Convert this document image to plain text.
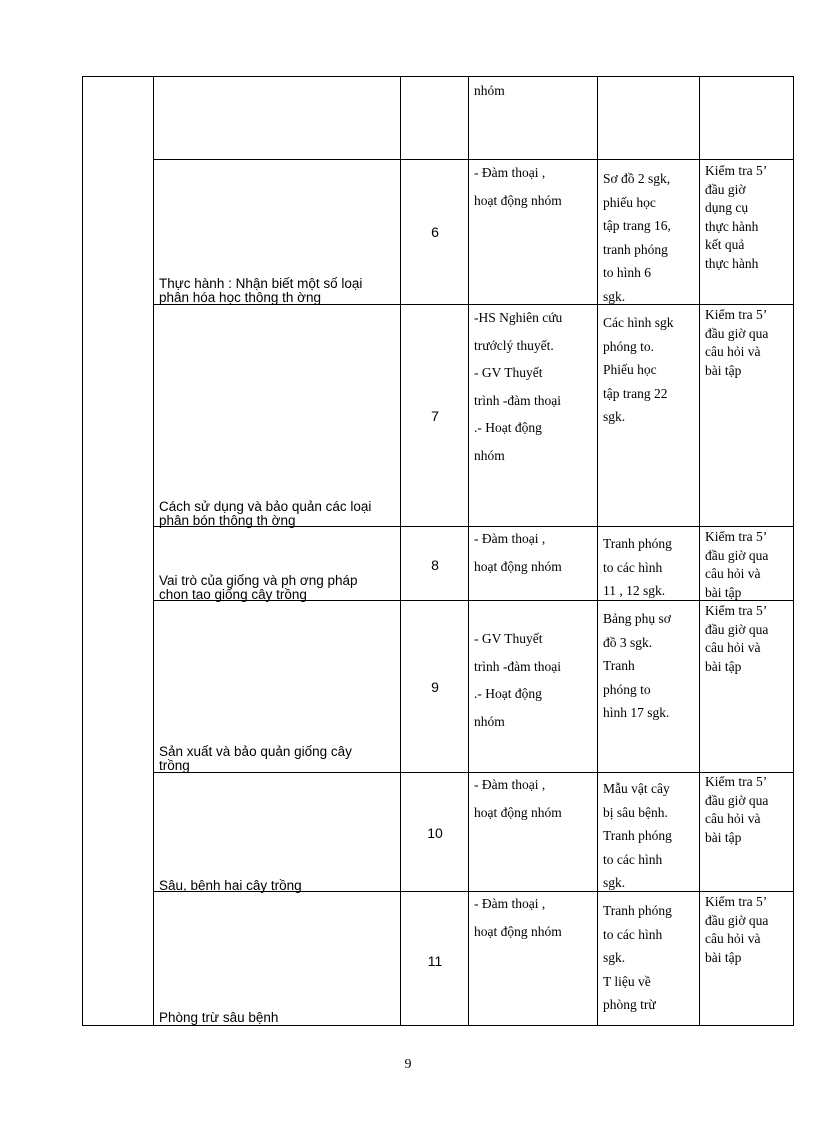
nhóm
Thực hành : Nhận biết một số loại
phân hóa học thông th ờng
6
- Đàm thoại ,
hoạt động nhóm
Sơ đồ 2 sgk,
phiếu học
tập trang 16,
tranh phóng
to hình 6
sgk.
Kiểm tra 5’
đầu giờ
dụng cụ
thực hành
kết quả
thực hành
Cách sử dụng và bảo quản các loại
phân bón thông th ờng
7
-HS Nghiên cứu
trướclý thuyết.
- GV Thuyết
trình -đàm thoại
.- Hoạt động
nhóm
Các hình sgk
phóng to.
Phiếu học
tập trang 22
sgk.
Kiểm tra 5’
đầu giờ qua
câu hỏi và
bài tập
Vai trò của giống và ph ơng pháp
chọn tạo giống cây trồng
8
- Đàm thoại ,
hoạt động nhóm
Tranh phóng
to các hình
11 , 12 sgk.
Kiểm tra 5’
đầu giờ qua
câu hỏi và
bài tập
Sản xuất và bảo quản giống cây
trồng
9
- GV Thuyết
trình -đàm thoại
.- Hoạt động
nhóm
Bảng phụ sơ
đồ 3 sgk.
Tranh
phóng to
hình 17 sgk.
Kiểm tra 5’
đầu giờ qua
câu hỏi và
bài tập
Sâu, bệnh hại cây trồng
10
- Đàm thoại ,
hoạt động nhóm
Mẫu vật cây
bị sâu bệnh.
Tranh phóng
to các hình
sgk.
Kiểm tra 5’
đầu giờ qua
câu hỏi và
bài tập
Phòng trừ sâu bệnh
11
- Đàm thoại ,
hoạt động nhóm
Tranh phóng
to các hình
sgk.
T liệu về
phòng trừ
Kiểm tra 5’
đầu giờ qua
câu hỏi và
bài tập
9
